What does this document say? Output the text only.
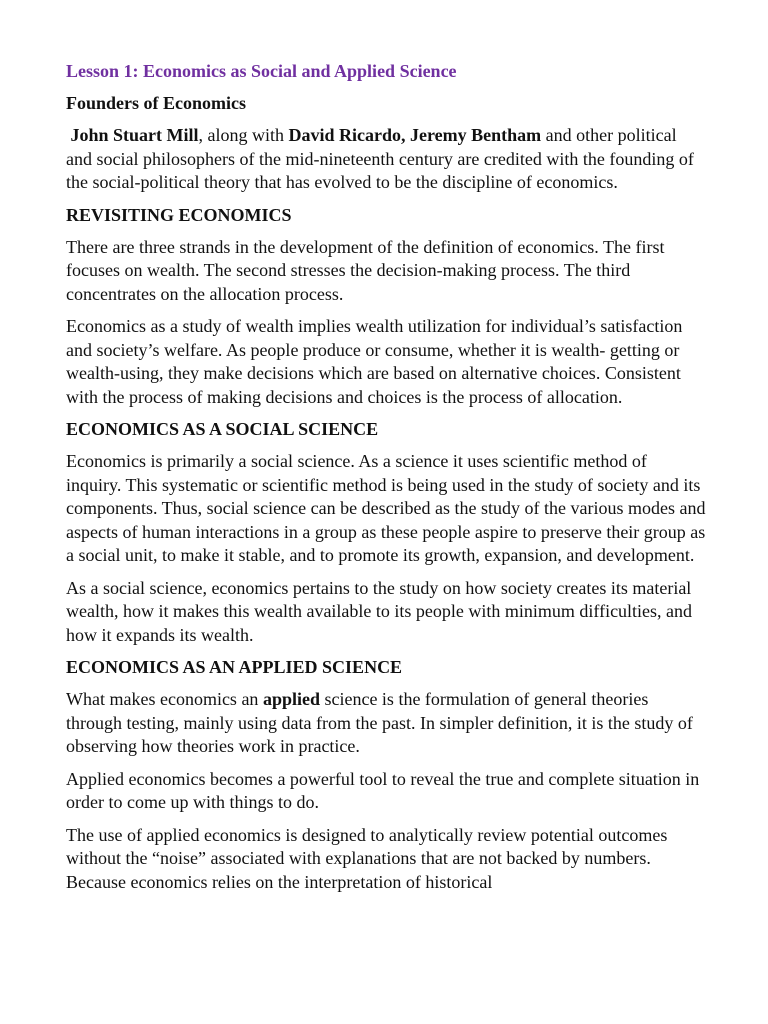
Lesson 1: Economics as Social and Applied Science
Founders of Economics

John Stuart Mill, along with David Ricardo, Jeremy Bentham and other political and social philosophers of the mid-nineteenth century are credited with the founding of the social-political theory that has evolved to be the discipline of economics.

REVISITING ECONOMICS

There are three strands in the development of the definition of economics. The first focuses on wealth. The second stresses the decision-making process. The third concentrates on the allocation process.

Economics as a study of wealth implies wealth utilization for individual’s satisfaction and society’s welfare. As people produce or consume, whether it is wealth- getting or wealth-using, they make decisions which are based on alternative choices. Consistent with the process of making decisions and choices is the process of allocation.

ECONOMICS AS A SOCIAL SCIENCE

Economics is primarily a social science. As a science it uses scientific method of inquiry. This systematic or scientific method is being used in the study of society and its components. Thus, social science can be described as the study of the various modes and aspects of human interactions in a group as these people aspire to preserve their group as a social unit, to make it stable, and to promote its growth, expansion, and development.

As a social science, economics pertains to the study on how society creates its material wealth, how it makes this wealth available to its people with minimum difficulties, and how it expands its wealth.

ECONOMICS AS AN APPLIED SCIENCE

What makes economics an applied science is the formulation of general theories through testing, mainly using data from the past. In simpler definition, it is the study of observing how theories work in practice.

Applied economics becomes a powerful tool to reveal the true and complete situation in order to come up with things to do.

The use of applied economics is designed to analytically review potential outcomes without the “noise” associated with explanations that are not backed by numbers. Because economics relies on the interpretation of historical
